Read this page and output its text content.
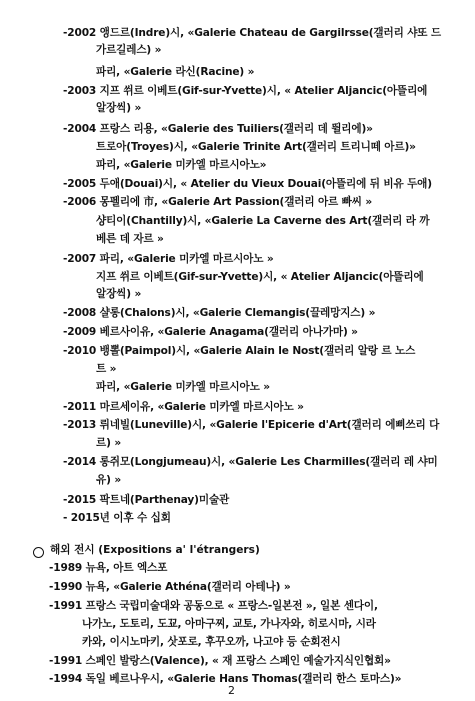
-2002 앵드르(Indre)시, «Galerie Chateau de Gargilrsse(갤러리 샤또 드
가르길레스) »
파리, «Galerie 라신(Racine) »
-2003 지프 쒸르 이베트(Gif-sur-Yvette)시, « Atelier Aljancic(아뜰리에
알장씩) »
-2004 프랑스 리용, «Galerie des Tuiliers(갤러리 데 뛸리에)»
트로아(Troyes)시, «Galerie Trinite Art(갤러리 트리니떼 아르)»
파리, «Galerie 미카엘 마르시아노»
-2005 두애(Douai)시, « Atelier du Vieux Douai(아뜰리에 뒤 비유 두애)
-2006 몽펠리에 市, «Galerie Art Passion(갤러리 아르 빠씨 »
샹티이(Chantilly)시, «Galerie La Caverne des Art(갤러리 라 까
베른 데 자르 »
-2007 파리, «Galerie 미카엘 마르시아노 »
지프 쒸르 이베트(Gif-sur-Yvette)시, « Atelier Aljancic(아뜰리에
알장씩) »
-2008 샬롱(Chalons)시, «Galerie Clemangis(끌레망지스) »
-2009 베르사이유, «Galerie Anagama(갤러리 아나가마) »
-2010 뱅뽈(Paimpol)시, «Galerie Alain le Nost(갤러리 알랑 르 노스
트 »
파리, «Galerie 미카엘 마르시아노 »
-2011 마르세이유, «Galerie 미카엘 마르시아노 »
-2013 뤼네빌(Luneville)시, «Galerie l'Epicerie d'Art(갤러리 에삐쓰리 다
르) »
-2014 롱쥐모(Longjumeau)시, «Galerie Les Charmilles(갤러리 레 샤미
유) »
-2015 팍트네(Parthenay)미술관
- 2015년 이후 수 십회
해외 전시 (Expositions a' l'étrangers)
-1989 뉴욕, 아트 엑스포
-1990 뉴욕, «Galerie Athéna(갤러리 아테나) »
-1991 프랑스 국립미술대와 공동으로 « 프랑스-일본전 », 일본 센다이,
나가노, 도토리, 도꾜, 아마구찌, 교토, 가나자와, 히로시마, 시라
카와, 이시노마키, 삿포로, 후꾸오까, 나고야 등 순회전시
-1991 스페인 발랑스(Valence), « 재 프랑스 스페인 예술가지식인협회»
-1994 독일 베르나우시, «Galerie Hans Thomas(갤러리 한스 토마스)»
2
